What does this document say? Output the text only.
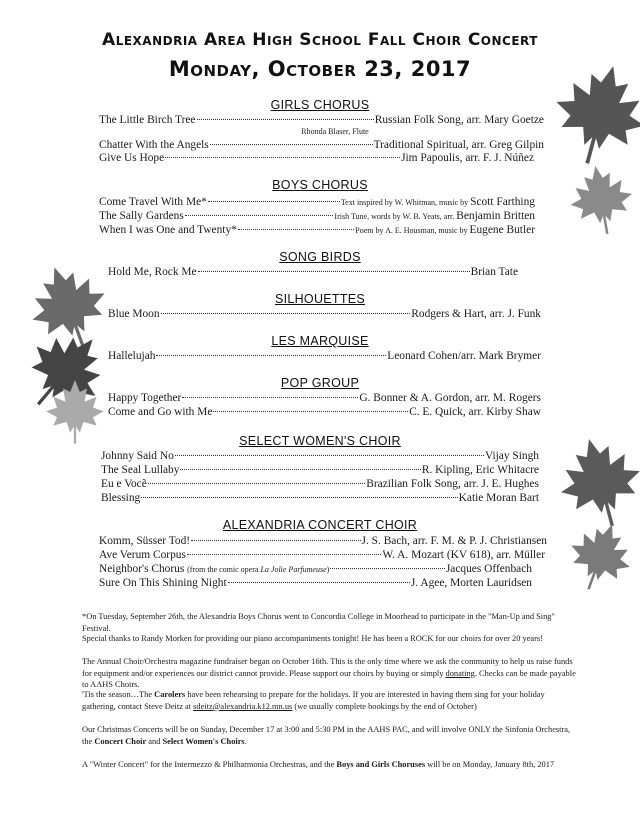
Alexandria Area High School Fall Choir Concert
Monday, October 23, 2017
GIRLS CHORUS
The Little Birch Tree	Russian Folk Song, arr. Mary Goetze
Rhonda Blaser, Flute
Chatter With the Angels	Traditional Spiritual, arr. Greg Gilpin
Give Us Hope	Jim Papoulis, arr. F. J. Núñez
BOYS CHORUS
Come Travel With Me*	Text inspired by W. Whitman, music by Scott Farthing
The Sally Gardens	Irish Tune, words by W. B. Yeats, arr. Benjamin Britten
When I was One and Twenty*	Poem by A. E. Housman, music by Eugene Butler
SONG BIRDS
Hold Me, Rock Me	Brian Tate
SILHOUETTES
Blue Moon	Rodgers & Hart, arr. J. Funk
LES MARQUISE
Hallelujah	Leonard Cohen/arr. Mark Brymer
POP GROUP
Happy Together	G. Bonner & A. Gordon, arr. M. Rogers
Come and Go with Me	C. E. Quick, arr. Kirby Shaw
SELECT WOMEN'S CHOIR
Johnny Said No	Vijay Singh
The Seal Lullaby	R. Kipling, Eric Whitacre
Eu e Vocẽ	Brazilian Folk Song, arr. J. E. Hughes
Blessing	Katie Moran Bart
ALEXANDRIA CONCERT CHOIR
Komm, Süsser Tod!	J. S. Bach, arr. F. M. & P. J. Christiansen
Ave Verum Corpus	W. A. Mozart (KV 618), arr. Müller
Neighbor's Chorus (from the comic opera La Jolie Parfumeuse)	Jacques Offenbach
Sure On This Shining Night	J. Agee, Morten Lauridsen
*On Tuesday, September 26th, the Alexandria Boys Chorus went to Concordia College in Moorhead to participate in the "Man-Up and Sing" Festival.
Special thanks to Randy Morken for providing our piano accompaniments tonight! He has been a ROCK for our choirs for over 20 years!
The Annual Choir/Orchestra magazine fundraiser began on October 16th. This is the only time where we ask the community to help us raise funds for equipment and/or experiences our district cannot provide. Please support our choirs by buying or simply donating. Checks can be made payable to AAHS Choirs.
'Tis the season…The Carolers have been rehearsing to prepare for the holidays. If you are interested in having them sing for your holiday gathering, contact Steve Deitz at sdeitz@alexandria.k12.mn.us (we usually complete bookings by the end of October)
Our Christmas Concerts will be on Sunday, December 17 at 3:00 and 5:30 PM in the AAHS PAC, and will involve ONLY the Sinfonia Orchestra, the Concert Choir and Select Women's Choirs.
A "Winter Concert" for the Intermezzo & Philharmonia Orchestras, and the Boys and Girls Choruses will be on Monday, January 8th, 2017
